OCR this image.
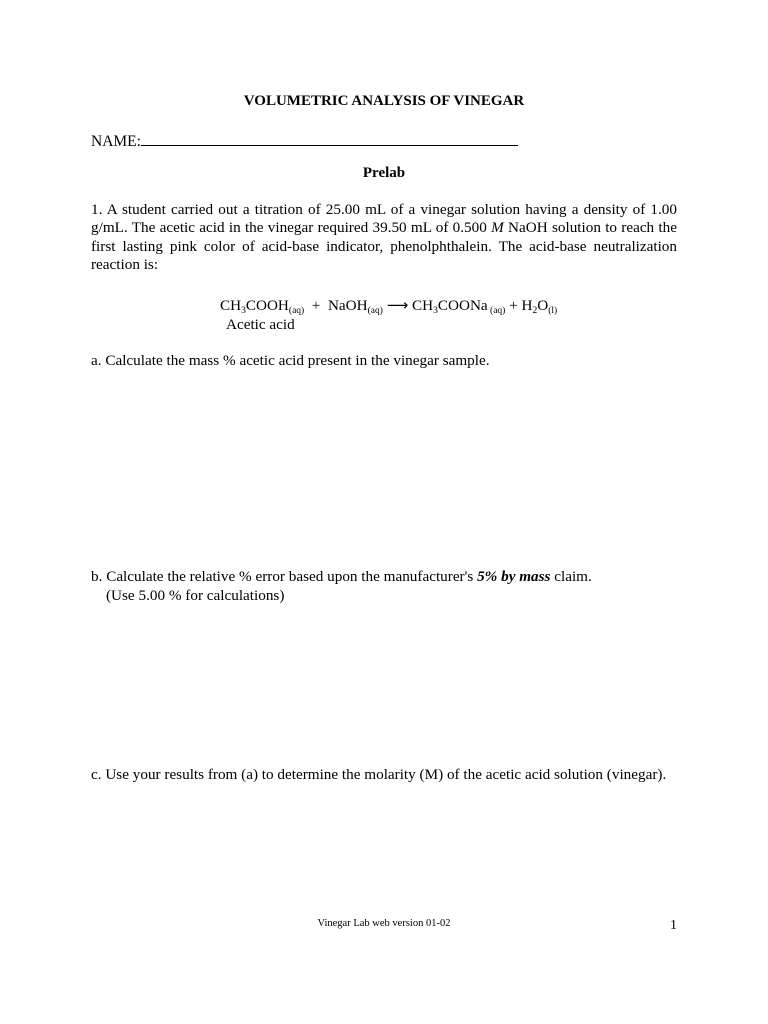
VOLUMETRIC ANALYSIS OF VINEGAR
NAME:
Prelab
1. A student carried out a titration of 25.00 mL of a vinegar solution having a density of 1.00
g/mL. The acetic acid in the vinegar required 39.50 mL of 0.500 M NaOH solution to reach the
first lasting pink color of acid-base indicator, phenolphthalein. The acid-base neutralization
reaction is:
$CH_3COOH_{(aq)}$  +  NaOH$_{(aq)}$ ⟶ $CH_3COONa$ $_{(aq)} + H_2O_{(l)}$
Acetic acid
a. Calculate the mass % acetic acid present in the vinegar sample.
b. Calculate the relative % error based upon the manufacturer's 5% by mass claim.
(Use 5.00 % for calculations)
c. Use your results from (a) to determine the molarity (M) of the acetic acid solution (vinegar).
Vinegar Lab web version 01-02	1
